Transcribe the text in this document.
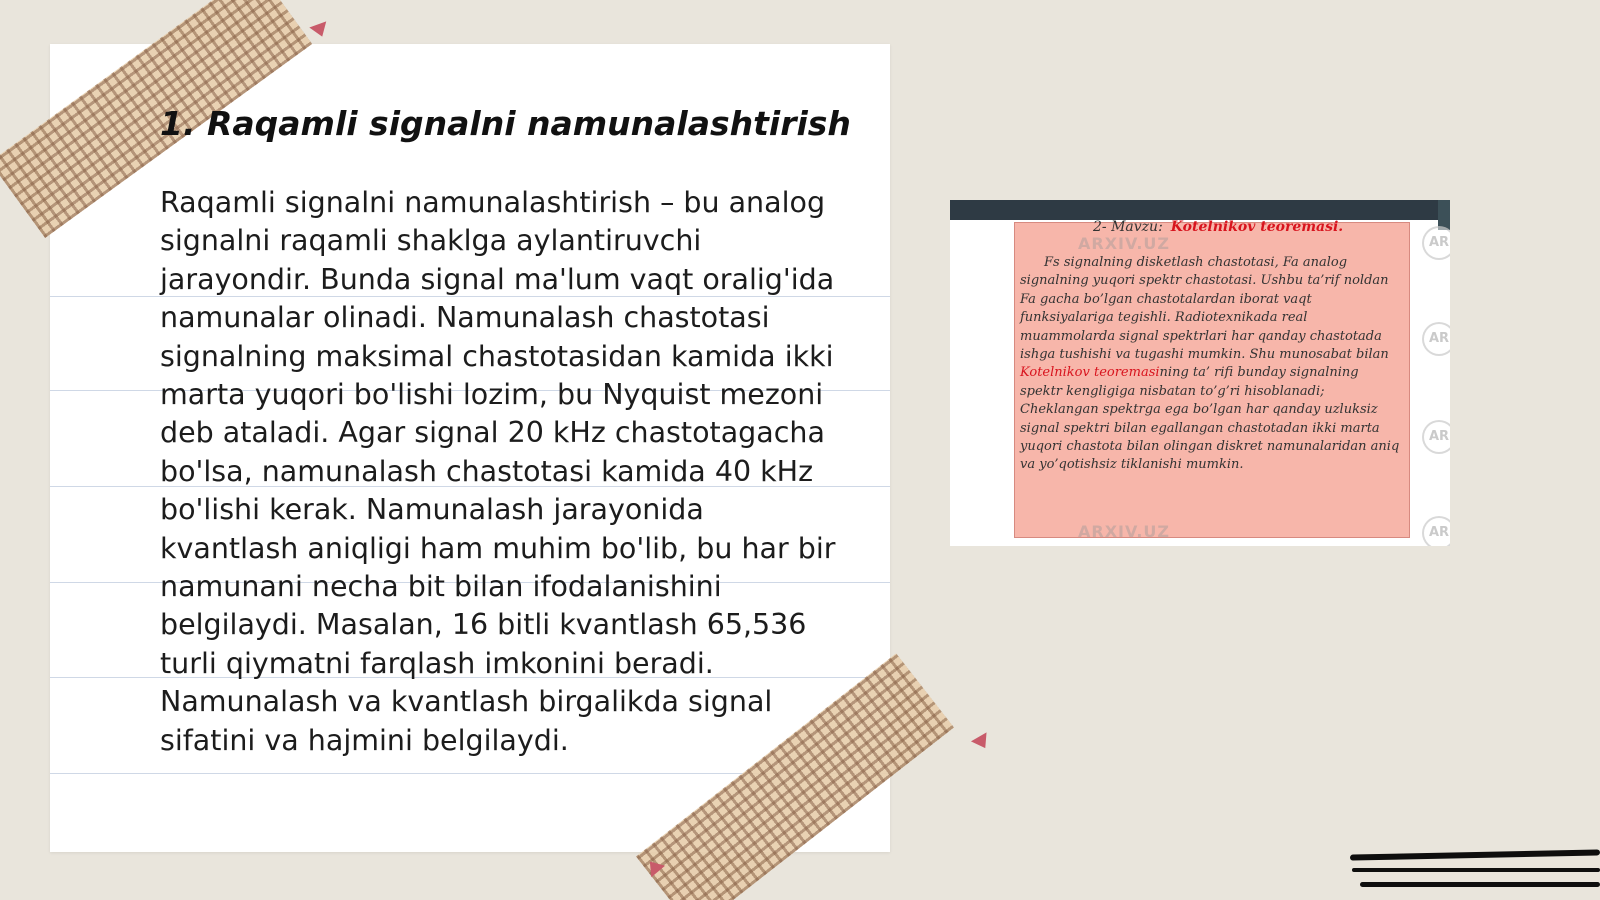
1. Raqamli signalni namunalashtirish

Raqamli signalni namunalashtirish – bu analog signalni raqamli shaklga aylantiruvchi jarayondir. Bunda signal ma'lum vaqt oralig'ida namunalar olinadi. Namunalash chastotasi signalning maksimal chastotasidan kamida ikki marta yuqori bo'lishi lozim, bu Nyquist mezoni deb ataladi. Agar signal 20 kHz chastotagacha bo'lsa, namunalash chastotasi kamida 40 kHz bo'lishi kerak. Namunalash jarayonida kvantlash aniqligi ham muhim bo'lib, bu har bir namunani necha bit bilan ifodalanishini belgilaydi. Masalan, 16 bitli kvantlash 65,536 turli qiymatni farqlash imkonini beradi. Namunalash va kvantlash birgalikda signal sifatini va hajmini belgilaydi.

2- Mavzu: Kotelnikov teoremasi.

Fs signalning disketlash chastotasi, Fa analog signalning yuqori spektr chastotasi. Ushbu ta’rif noldan Fa gacha bo’lgan chastotalardan iborat vaqt funksiyalariga tegishli. Radiotexnikada real muammolarda signal spektrlari har qanday chastotada ishga tushishi va tugashi mumkin. Shu munosabat bilan Kotelnikov teoremasining ta’ rifi bunday signalning spektr kengligiga nisbatan to’g’ri hisoblanadi;

Cheklangan spektrga ega bo’lgan har qanday uzluksiz signal spektri bilan egallangan chastotadan ikki marta yuqori chastota bilan olingan diskret namunalaridan aniq va yo’qotishsiz tiklanishi mumkin.

ARXIV.UZ
ARXIV.UZ
AR
AR
AR
AR
